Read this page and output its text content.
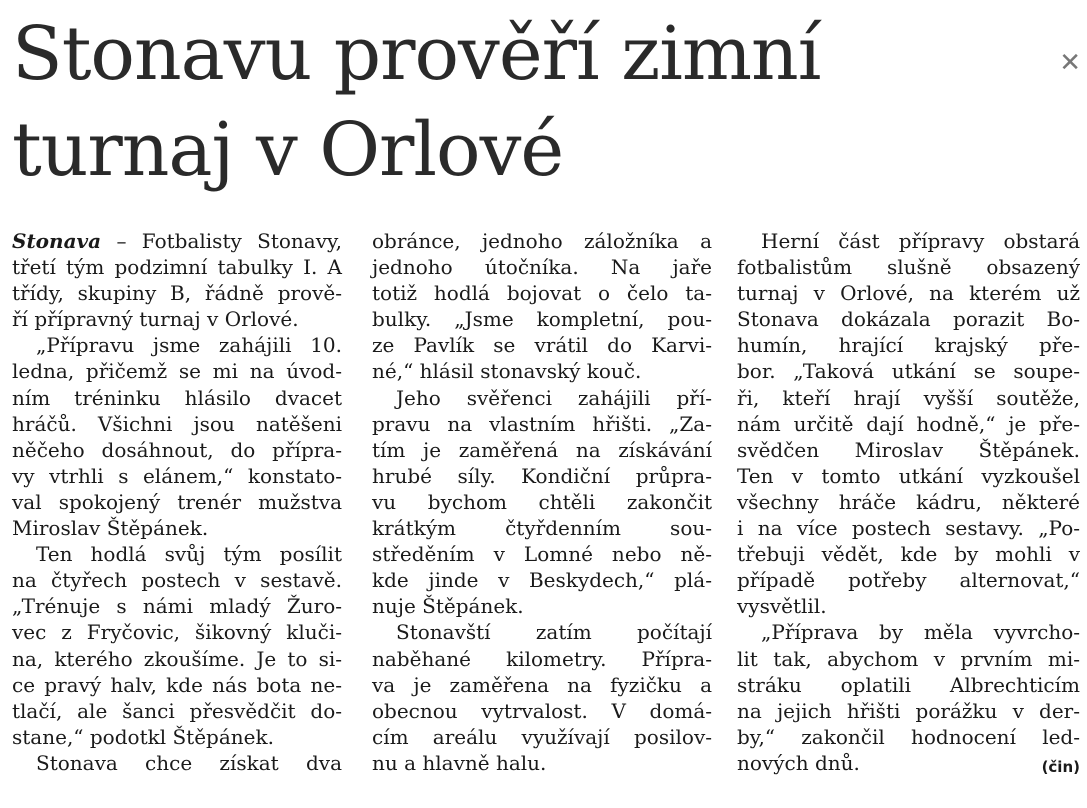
Stonavu prověří zimní
turnaj v Orlové
✕
Stonava – Fotbalisty Stonavy,
třetí tým podzimní tabulky I. A
třídy, skupiny B, řádně prově-
ří přípravný turnaj v Orlové.
„Přípravu jsme zahájili 10.
ledna, přičemž se mi na úvod-
ním tréninku hlásilo dvacet
hráčů. Všichni jsou natěšeni
něčeho dosáhnout, do přípra-
vy vtrhli s elánem,“ konstato-
val spokojený trenér mužstva
Miroslav Štěpánek.
Ten hodlá svůj tým posílit
na čtyřech postech v sestavě.
„Trénuje s námi mladý Žuro-
vec z Fryčovic, šikovný kluči-
na, kterého zkoušíme. Je to si-
ce pravý halv, kde nás bota ne-
tlačí, ale šanci přesvědčit do-
stane,“ podotkl Štěpánek.
Stonava chce získat dva
obránce, jednoho záložníka a
jednoho útočníka. Na jaře
totiž hodlá bojovat o čelo ta-
bulky. „Jsme kompletní, pou-
ze Pavlík se vrátil do Karvi-
né,“ hlásil stonavský kouč.
Jeho svěřenci zahájili pří-
pravu na vlastním hřišti. „Za-
tím je zaměřená na získávání
hrubé síly. Kondiční průpra-
vu bychom chtěli zakončit
krátkým čtyřdenním sou-
středěním v Lomné nebo ně-
kde jinde v Beskydech,“ plá-
nuje Štěpánek.
Stonavští zatím počítají
naběhané kilometry. Přípra-
va je zaměřena na fyzičku a
obecnou vytrvalost. V domá-
cím areálu využívají posilov-
nu a hlavně halu.
Herní část přípravy obstará
fotbalistům slušně obsazený
turnaj v Orlové, na kterém už
Stonava dokázala porazit Bo-
humín, hrající krajský pře-
bor. „Taková utkání se soupe-
ři, kteří hrají vyšší soutěže,
nám určitě dají hodně,“ je pře-
svědčen Miroslav Štěpánek.
Ten v tomto utkání vyzkoušel
všechny hráče kádru, některé
i na více postech sestavy. „Po-
třebuji vědět, kde by mohli v
případě potřeby alternovat,“
vysvětlil.
„Příprava by měla vyvrcho-
lit tak, abychom v prvním mi-
stráku oplatili Albrechticím
na jejich hřišti porážku v der-
by,“ zakončil hodnocení led-
nových dnů.	(čin)
